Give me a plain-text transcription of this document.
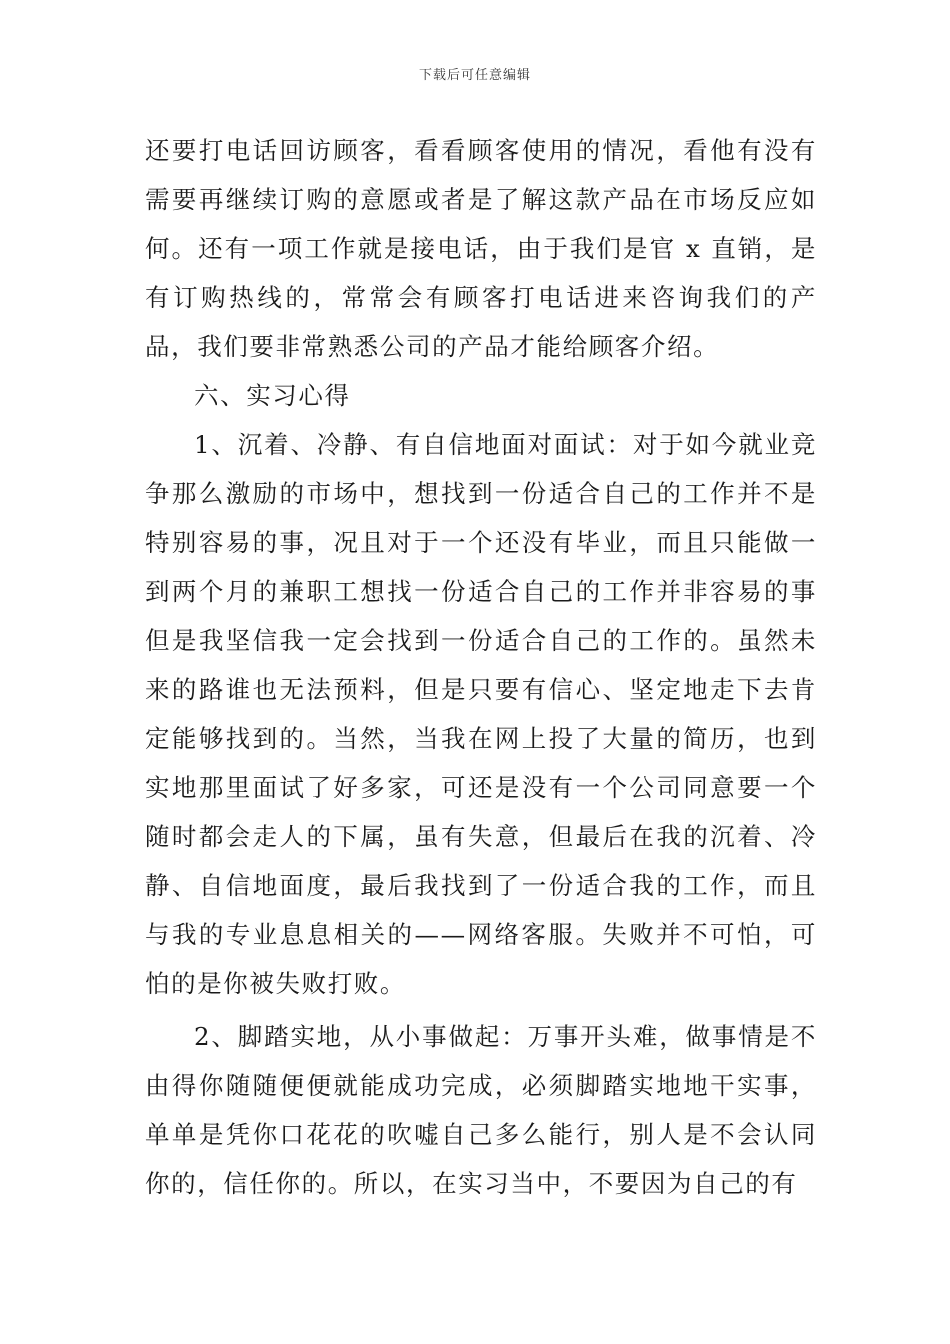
下载后可任意编辑

还要打电话回访顾客，看看顾客使用的情况，看他有没有需要再继续订购的意愿或者是了解这款产品在市场反应如何。还有一项工作就是接电话，由于我们是官 x 直销，是有订购热线的，常常会有顾客打电话进来咨询我们的产品，我们要非常熟悉公司的产品才能给顾客介绍。

六、实习心得

1、沉着、冷静、有自信地面对面试：对于如今就业竞争那么激励的市场中，想找到一份适合自己的工作并不是特别容易的事，况且对于一个还没有毕业，而且只能做一到两个月的兼职工想找一份适合自己的工作并非容易的事但是我坚信我一定会找到一份适合自己的工作的。虽然未来的路谁也无法预料，但是只要有信心、坚定地走下去肯定能够找到的。当然，当我在网上投了大量的简历，也到实地那里面试了好多家，可还是没有一个公司同意要一个随时都会走人的下属，虽有失意，但最后在我的沉着、冷静、自信地面度，最后我找到了一份适合我的工作，而且与我的专业息息相关的——网络客服。失败并不可怕，可怕的是你被失败打败。

2、脚踏实地，从小事做起：万事开头难，做事情是不由得你随随便便就能成功完成，必须脚踏实地地干实事，单单是凭你口花花的吹嘘自己多么能行，别人是不会认同你的，信任你的。所以，在实习当中，不要因为自己的有
